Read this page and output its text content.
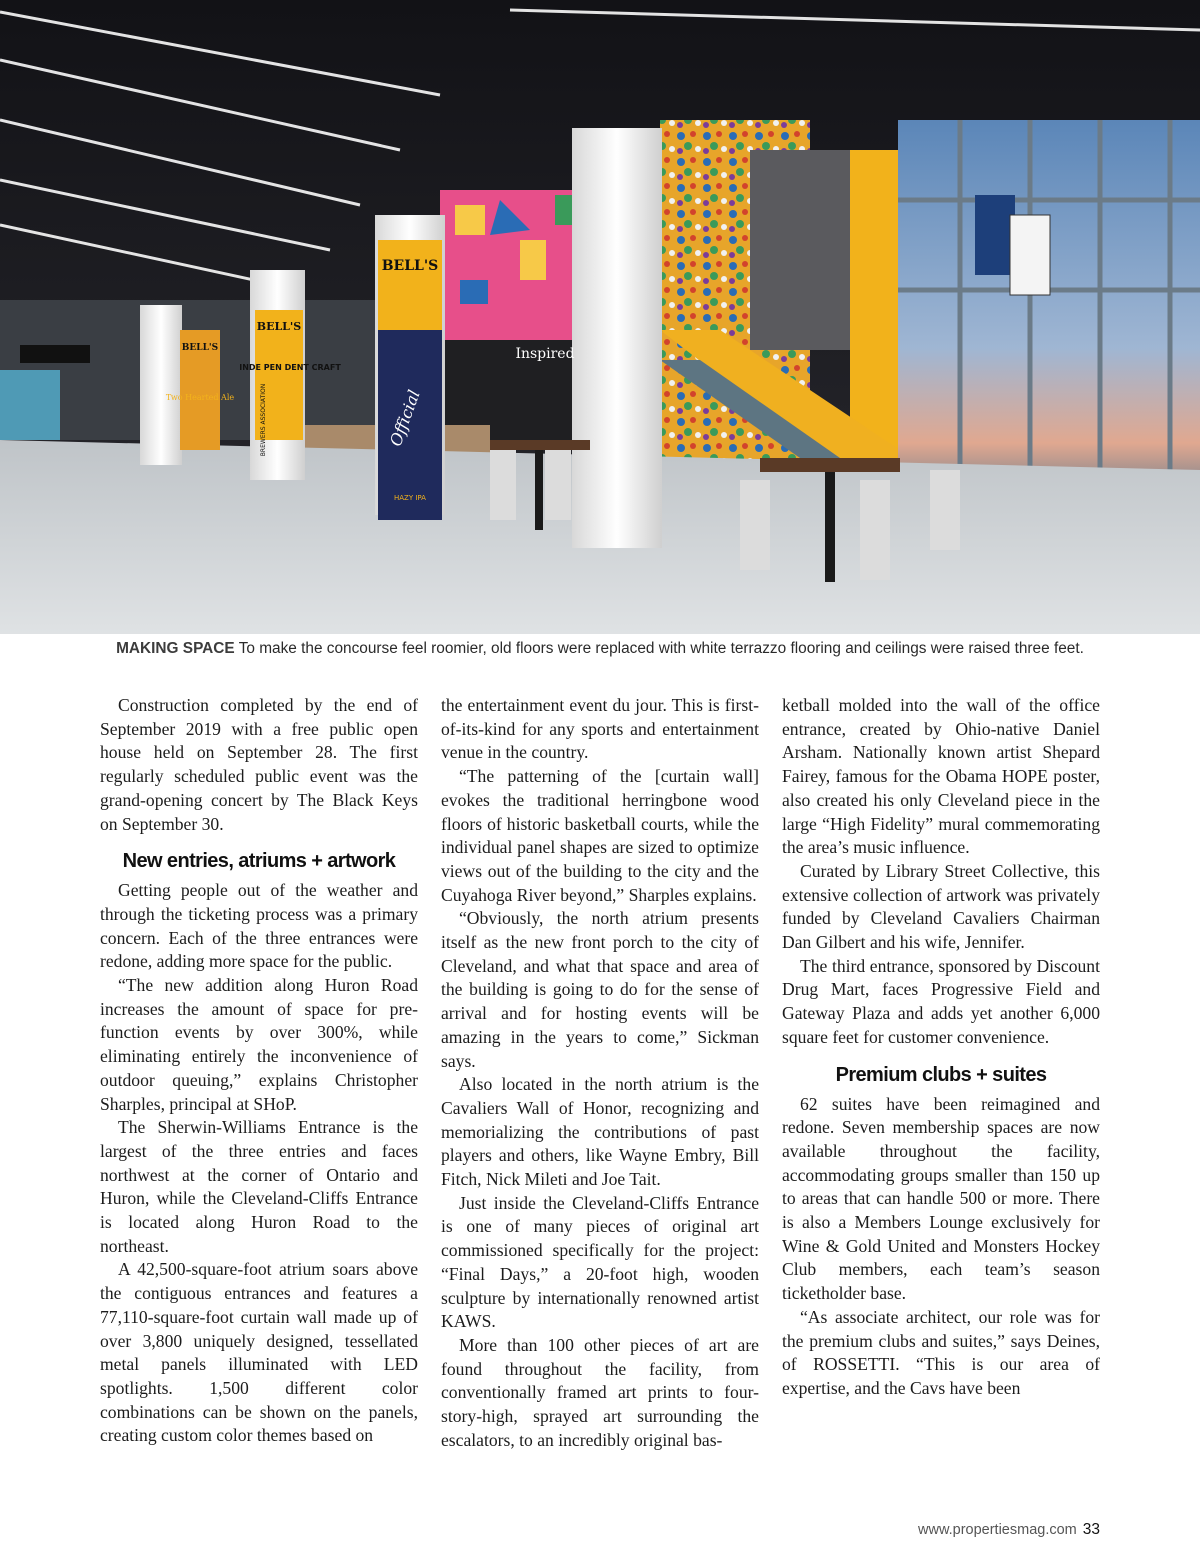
BELL'S
BELL'S
BELL'S
INDE PEN DENT CRAFT
Official
HAZY IPA
Two Hearted Ale
Inspired
BREWERS ASSOCIATION
MAKING SPACE To make the concourse feel roomier, old floors were replaced with white terrazzo flooring and ceilings were raised three feet.

Construction completed by the end of September 2019 with a free public open house held on September 28. The first regularly scheduled public event was the grand-opening concert by The Black Keys on September 30.

New entries, atriums + artwork

Getting people out of the weather and through the ticketing process was a primary concern. Each of the three entrances were redone, adding more space for the public.

“The new addition along Huron Road increases the amount of space for pre-function events by over 300%, while eliminating entirely the inconvenience of outdoor queuing,” explains Christopher Sharples, principal at SHoP.

The Sherwin-Williams Entrance is the largest of the three entries and faces northwest at the corner of Ontario and Huron, while the Cleveland-Cliffs Entrance is located along Huron Road to the northeast.

A 42,500-square-foot atrium soars above the contiguous entrances and features a 77,110-square-foot curtain wall made up of over 3,800 uniquely designed, tessellated metal panels illuminated with LED spotlights. 1,500 different color combinations can be shown on the panels, creating custom color themes based on

the entertainment event du jour. This is first-of-its-kind for any sports and entertainment venue in the country.

“The patterning of the [curtain wall] evokes the traditional herringbone wood floors of historic basketball courts, while the individual panel shapes are sized to optimize views out of the building to the city and the Cuyahoga River beyond,” Sharples explains.

“Obviously, the north atrium presents itself as the new front porch to the city of Cleveland, and what that space and area of the building is going to do for the sense of arrival and for hosting events will be amazing in the years to come,” Sickman says.

Also located in the north atrium is the Cavaliers Wall of Honor, recognizing and memorializing the contributions of past players and others, like Wayne Embry, Bill Fitch, Nick Mileti and Joe Tait.

Just inside the Cleveland-Cliffs Entrance is one of many pieces of original art commissioned specifically for the project: “Final Days,” a 20-foot high, wooden sculpture by internationally renowned artist KAWS.

More than 100 other pieces of art are found throughout the facility, from conventionally framed art prints to four-story-high, sprayed art surrounding the escalators, to an incredibly original bas-

ketball molded into the wall of the office entrance, created by Ohio-native Daniel Arsham. Nationally known artist Shepard Fairey, famous for the Obama HOPE poster, also created his only Cleveland piece in the large “High Fidelity” mural commemorating the area’s music influence.

Curated by Library Street Collective, this extensive collection of artwork was privately funded by Cleveland Cavaliers Chairman Dan Gilbert and his wife, Jennifer.

The third entrance, sponsored by Discount Drug Mart, faces Progressive Field and Gateway Plaza and adds yet another 6,000 square feet for customer convenience.

Premium clubs + suites

62 suites have been reimagined and redone. Seven membership spaces are now available throughout the facility, accommodating groups smaller than 150 up to areas that can handle 500 or more. There is also a Members Lounge exclusively for Wine & Gold United and Monsters Hockey Club members, each team’s season ticketholder base.

“As associate architect, our role was for the premium clubs and suites,” says Deines, of ROSSETTI. “This is our area of expertise, and the Cavs have been

www.propertiesmag.com 33
